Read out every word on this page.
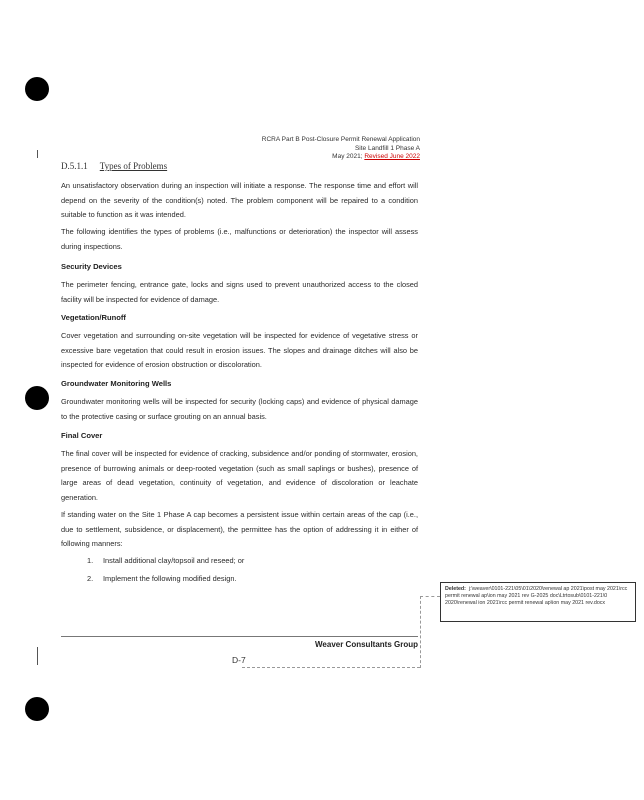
RCRA Part B Post-Closure Permit Renewal Application
Site Landfill 1 Phase A
May 2021; Revised June 2022
D.5.1.1 Types of Problems
An unsatisfactory observation during an inspection will initiate a response. The response time and effort will depend on the severity of the condition(s) noted. The problem component will be repaired to a condition suitable to function as it was intended.
The following identifies the types of problems (i.e., malfunctions or deterioration) the inspector will assess during inspections.
Security Devices
The perimeter fencing, entrance gate, locks and signs used to prevent unauthorized access to the closed facility will be inspected for evidence of damage.
Vegetation/Runoff
Cover vegetation and surrounding on-site vegetation will be inspected for evidence of vegetative stress or excessive bare vegetation that could result in erosion issues. The slopes and drainage ditches will also be inspected for evidence of erosion obstruction or discoloration.
Groundwater Monitoring Wells
Groundwater monitoring wells will be inspected for security (locking caps) and evidence of physical damage to the protective casing or surface grouting on an annual basis.
Final Cover
The final cover will be inspected for evidence of cracking, subsidence and/or ponding of stormwater, erosion, presence of burrowing animals or deep-rooted vegetation (such as small saplings or bushes), presence of large areas of dead vegetation, continuity of vegetation, and evidence of discoloration or leachate generation.
If standing water on the Site 1 Phase A cap becomes a persistent issue within certain areas of the cap (i.e., due to settlement, subsidence, or displacement), the permittee has the option of addressing it in either of following manners:
1. Install additional clay/topsoil and reseed; or
2. Implement the following modified design.
Deleted: j:\weaver\0101-221\05\01\2020\renewal ap 2021\post may 2021\rcc permit renewal ap\ion may 2021 rev G-2025 doc\Ltrtosub\0101-221\0 2020\renewal ion 2021\rcc permit renewal ap\ion may 2021 rev.docx
Weaver Consultants Group
D-7
